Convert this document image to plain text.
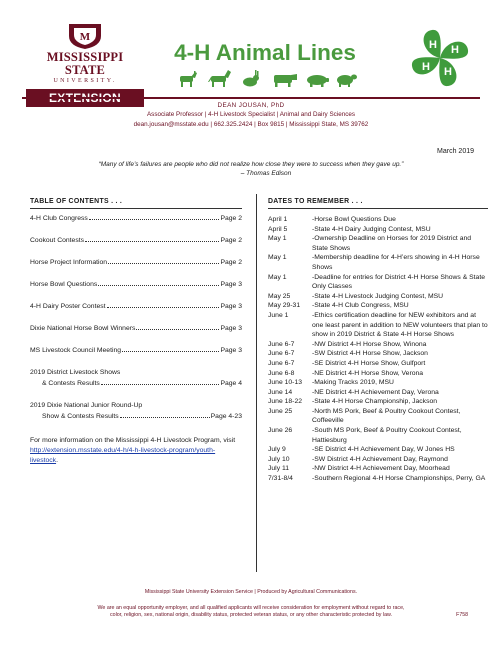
M
MISSISSIPPI STATE
UNIVERSITY.
4-H Animal Lines	H H
H
H
DEAN JOUSAN, PhD
Associate Professor | 4-H Livestock Specialist | Animal and Dairy Sciences
dean.jousan@msstate.edu | 662.325.2424 | Box 9815 | Mississippi State, MS 39762
March 2019
“Many of life’s failures are people who did not realize how close they were to success when they gave up.”
– Thomas Edison
TABLE OF CONTENTS . . .
4-H Club Congress	Page 2
Cookout Contests	Page 2
Horse Project Information	Page 2
Horse Bowl Questions	Page 3
4-H Dairy Poster Contest	Page 3
Dixie National Horse Bowl Winners	Page 3
MS Livestock Council Meeting	Page 3
2019 District Livestock Shows
& Contests Results	Page 4
2019 Dixie National Junior Round-Up
Show & Contests Results	Page 4-23
For more information on the Mississippi 4-H Livestock Program, visit http://extension.msstate.edu/4-h/4-h-livestock-program/youth-livestock.
DATES TO REMEMBER . . .
April 1	-Horse Bowl Questions Due
April 5	-State 4-H Dairy Judging Contest, MSU
May 1	-Ownership Deadline on Horses for 2019 District and State Shows
May 1	-Membership deadline for 4-H’ers showing in 4-H Horse Shows
May 1	-Deadline for entries for District 4-H Horse Shows & State Only Classes
May 25	-State 4-H Livestock Judging Contest, MSU
May 29-31	-State 4-H Club Congress, MSU
June 1	-Ethics certification deadline for NEW exhibitors and at one least parent in addition to NEW volunteers that plan to show in 2019 District & State 4-H Horse Shows
June 6-7	-NW District 4-H Horse Show, Winona
June 6-7	-SW District 4-H Horse Show, Jackson
June 6-7	-SE District 4-H Horse Show, Gulfport
June 6-8	-NE District 4-H Horse Show, Verona
June 10-13	-Making Tracks 2019, MSU
June 14	-NE District 4-H Achievement Day, Verona
June 18-22	-State 4-H Horse Championship, Jackson
June 25	-North MS Pork, Beef & Poultry Cookout Contest, Coffeeville
June 26	-South MS Pork, Beef & Poultry Cookout Contest, Hattiesburg
July 9	-SE District 4-H Achievement Day, W Jones HS
July 10	-SW District 4-H Achievement Day, Raymond
July 11	-NW District 4-H Achievement Day, Moorhead
7/31-8/4	-Southern Regional 4-H Horse Championships, Perry, GA
Mississippi State University Extension Service | Produced by Agricultural Communications.
We are an equal opportunity employer, and all qualified applicants will receive consideration for employment without regard to race,
color, religion, sex, national origin, disability status, protected veteran status, or any other characteristic protected by law.	F758
